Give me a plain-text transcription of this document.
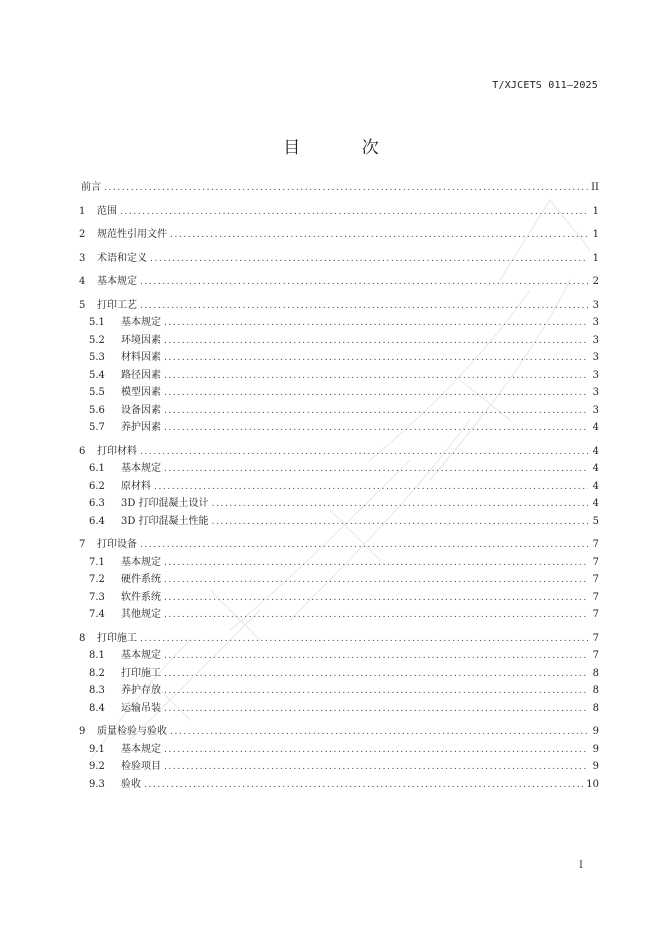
T/XJCETS 011—2025
目 次
前言 .....	II
1	范围 .....	1
2	规范性引用文件 .....	1
3	术语和定义 .....	1
4	基本规定 .....	2
5	打印工艺 .....	3
5.1	基本规定 .....	3
5.2	环境因素 .....	3
5.3	材料因素 .....	3
5.4	路径因素 .....	3
5.5	模型因素 .....	3
5.6	设备因素 .....	3
5.7	养护因素 .....	4
6	打印材料 .....	4
6.1	基本规定 .....	4
6.2	原材料 .....	4
6.3	3D 打印混凝土设计 .....	4
6.4	3D 打印混凝土性能 .....	5
7	打印设备 .....	7
7.1	基本规定 .....	7
7.2	硬件系统 .....	7
7.3	软件系统 .....	7
7.4	其他规定 .....	7
8	打印施工 .....	7
8.1	基本规定 .....	7
8.2	打印施工 .....	8
8.3	养护存放 .....	8
8.4	运输吊装 .....	8
9	质量检验与验收 .....	9
9.1	基本规定 .....	9
9.2	检验项目 .....	9
9.3	验收 .....	10
I
